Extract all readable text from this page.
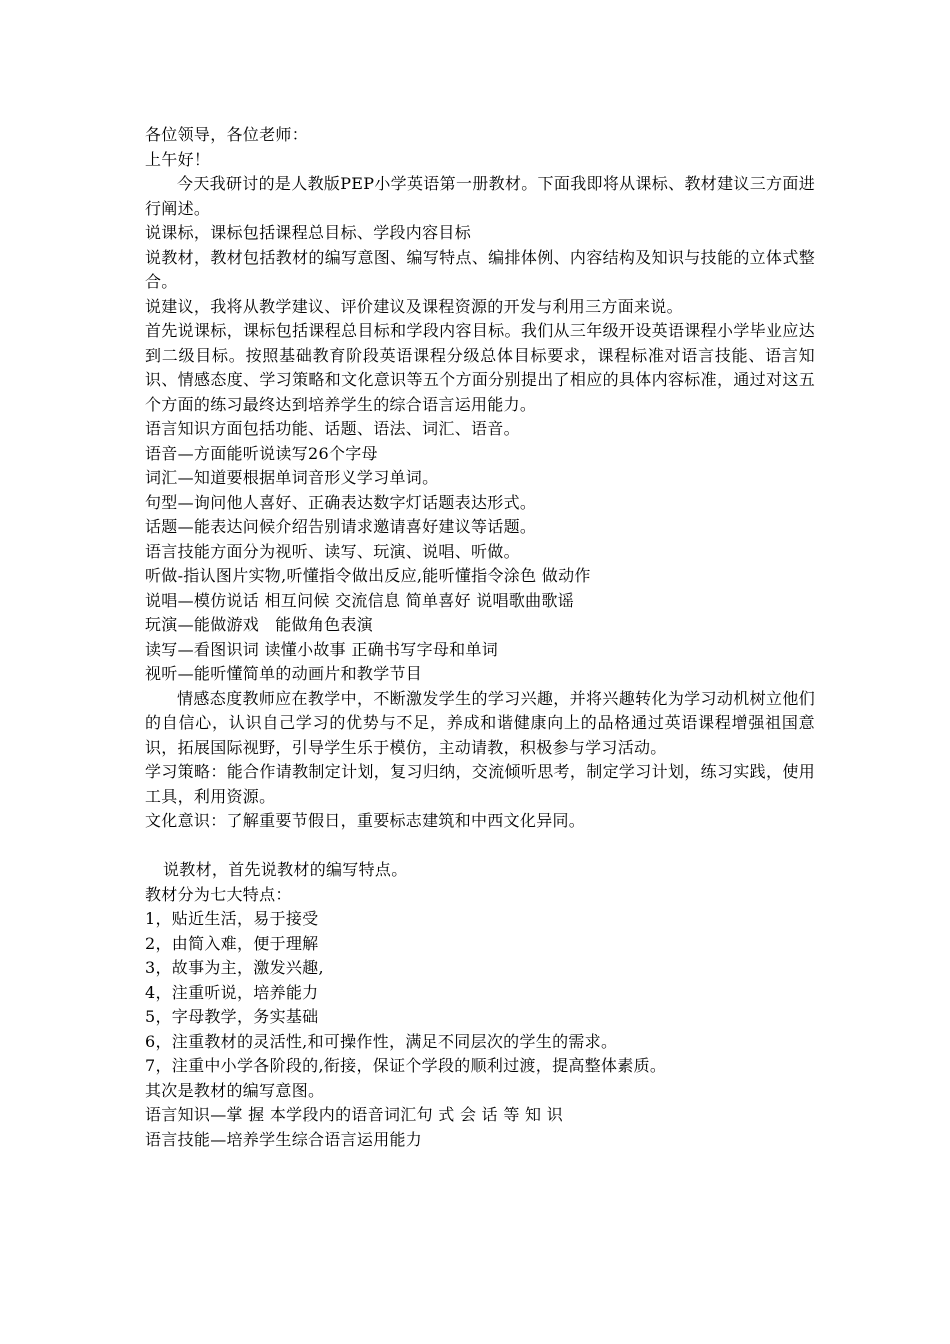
各位领导，各位老师：
上午好！
今天我研讨的是人教版PEP小学英语第一册教材。下面我即将从课标、教材建议三方面进行阐述。
说课标，课标包括课程总目标、学段内容目标
说教材，教材包括教材的编写意图、编写特点、编排体例、内容结构及知识与技能的立体式整合。
说建议，我将从教学建议、评价建议及课程资源的开发与利用三方面来说。
首先说课标，课标包括课程总目标和学段内容目标。我们从三年级开设英语课程小学毕业应达到二级目标。按照基础教育阶段英语课程分级总体目标要求，课程标准对语言技能、语言知识、情感态度、学习策略和文化意识等五个方面分别提出了相应的具体内容标准，通过对这五个方面的练习最终达到培养学生的综合语言运用能力。
语言知识方面包括功能、话题、语法、词汇、语音。
语音—方面能听说读写26个字母
词汇—知道要根据单词音形义学习单词。
句型—询问他人喜好、正确表达数字灯话题表达形式。
话题—能表达问候介绍告别请求邀请喜好建议等话题。
语言技能方面分为视听、读写、玩演、说唱、听做。
听做-指认图片实物,听懂指令做出反应,能听懂指令涂色 做动作
说唱—模仿说话 相互问候 交流信息 简单喜好 说唱歌曲歌谣
玩演—能做游戏   能做角色表演
读写—看图识词 读懂小故事 正确书写字母和单词
视听—能听懂简单的动画片和教学节目
情感态度教师应在教学中，不断激发学生的学习兴趣，并将兴趣转化为学习动机树立他们的自信心，认识自己学习的优势与不足，养成和谐健康向上的品格通过英语课程增强祖国意识，拓展国际视野，引导学生乐于模仿，主动请教，积极参与学习活动。
学习策略：能合作请教制定计划，复习归纳，交流倾听思考，制定学习计划，练习实践，使用工具，利用资源。
文化意识：了解重要节假日，重要标志建筑和中西文化异同。
说教材，首先说教材的编写特点。
教材分为七大特点：
1，贴近生活，易于接受
2，由简入难，便于理解
3，故事为主，激发兴趣,
4，注重听说，培养能力
5，字母教学，务实基础
6，注重教材的灵活性,和可操作性，满足不同层次的学生的需求。
7，注重中小学各阶段的,衔接，保证个学段的顺利过渡，提高整体素质。
其次是教材的编写意图。
语言知识—掌 握 本学段内的语音词汇句 式 会 话 等 知 识
语言技能—培养学生综合语言运用能力
